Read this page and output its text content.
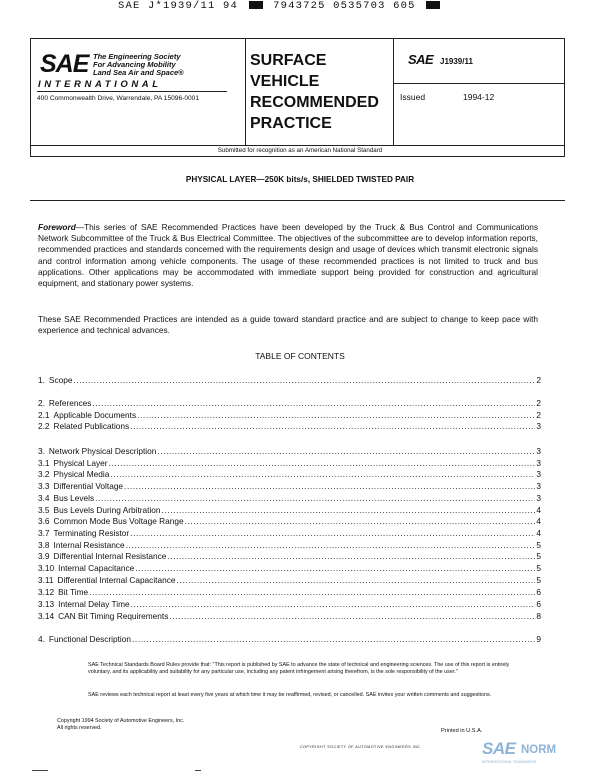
SAE J*1939/11 94	7943725 0535703 605
SAE The Engineering Society
For Advancing Mobility
Land Sea Air and Space®
INTERNATIONAL
400 Commonwealth Drive, Warrendale, PA 15096-0001
SURFACE
VEHICLE
RECOMMENDED
PRACTICE
SAE J1939/11
Issued	1994-12
Submitted for recognition as an American National Standard
PHYSICAL LAYER—250K bits/s, SHIELDED TWISTED PAIR
Foreword—This series of SAE Recommended Practices have been developed by the Truck & Bus Control and Communications Network Subcommittee of the Truck & Bus Electrical Committee. The objectives of the subcommittee are to develop information reports, recommended practices and standards concerned with the requirements design and usage of devices which transmit electronic signals and control information among vehicle components. The usage of these recommended practices is not limited to truck and bus applications. Other applications may be accommodated with immediate support being provided for construction and agricultural equipment, and stationary power systems.
These SAE Recommended Practices are intended as a guide toward standard practice and are subject to change to keep pace with experience and technical advances.
TABLE OF CONTENTS
1. Scope .....	2
2. References .....	2
2.1 Applicable Documents .....	2
2.2 Related Publications .....	3
3. Network Physical Description .....	3
3.1 Physical Layer .....	3
3.2 Physical Media .....	3
3.3 Differential Voltage .....	3
3.4 Bus Levels .....	3
3.5 Bus Levels During Arbitration .....	4
3.6 Common Mode Bus Voltage Range .....	4
3.7 Terminating Resistor .....	4
3.8 Internal Resistance .....	5
3.9 Differential Internal Resistance .....	5
3.10 Internal Capacitance .....	5
3.11 Differential Internal Capacitance .....	5
3.12 Bit Time .....	6
3.13 Internal Delay Time .....	6
3.14 CAN Bit Timing Requirements .....	8
4. Functional Description .....	9
SAE Technical Standards Board Rules provide that: "This report is published by SAE to advance the state of technical and engineering sciences. The use of this report is entirely voluntary, and its applicability and suitability for any particular use, including any patent infringement arising therefrom, is the sole responsibility of the user."
SAE reviews each technical report at least every five years at which time it may be reaffirmed, revised, or cancelled. SAE invites your written comments and suggestions.
Copyright 1994 Society of Automotive Engineers, Inc.
All rights reserved.
Printed in U.S.A.
COPYRIGHT SOCIETY OF AUTOMOTIVE ENGINEERS INC	SAE NORM
INTERNATIONAL STANDARDS
